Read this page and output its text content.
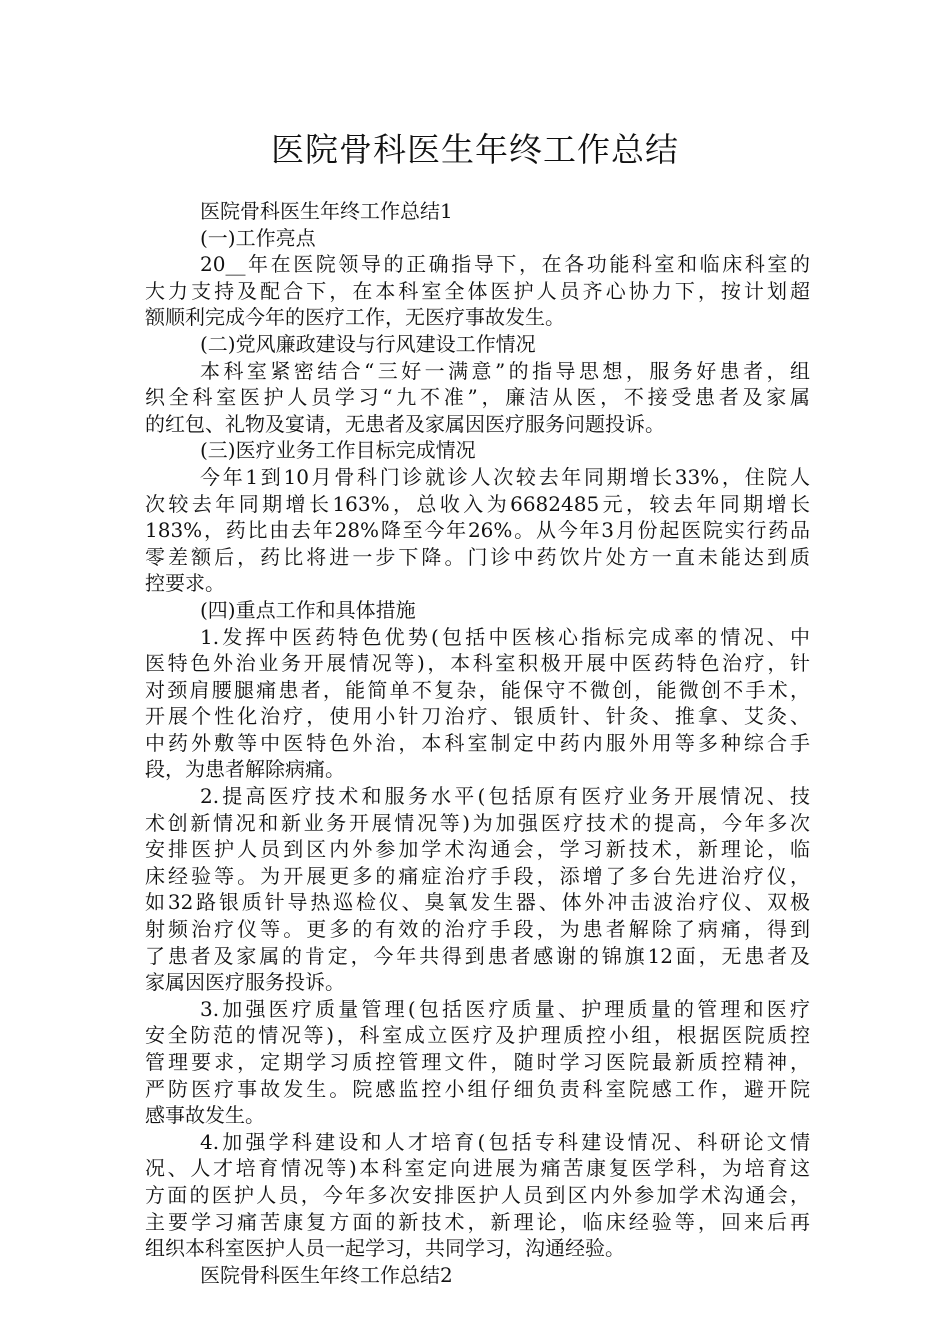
医院骨科医生年终工作总结
医院骨科医生年终工作总结1
(一)工作亮点
20__年在医院领导的正确指导下，在各功能科室和临床科室的
大力支持及配合下，在本科室全体医护人员齐心协力下，按计划超
额顺利完成今年的医疗工作，无医疗事故发生。
(二)党风廉政建设与行风建设工作情况
本科室紧密结合“三好一满意”的指导思想，服务好患者，组
织全科室医护人员学习“九不准”，廉洁从医，不接受患者及家属
的红包、礼物及宴请，无患者及家属因医疗服务问题投诉。
(三)医疗业务工作目标完成情况
今年1到10月骨科门诊就诊人次较去年同期增长33%，住院人
次较去年同期增长163%，总收入为6682485元，较去年同期增长
183%，药比由去年28%降至今年26%。从今年3月份起医院实行药品
零差额后，药比将进一步下降。门诊中药饮片处方一直未能达到质
控要求。
(四)重点工作和具体措施
1.发挥中医药特色优势(包括中医核心指标完成率的情况、中
医特色外治业务开展情况等)，本科室积极开展中医药特色治疗，针
对颈肩腰腿痛患者，能简单不复杂，能保守不微创，能微创不手术，
开展个性化治疗，使用小针刀治疗、银质针、针灸、推拿、艾灸、
中药外敷等中医特色外治，本科室制定中药内服外用等多种综合手
段，为患者解除病痛。
2.提高医疗技术和服务水平(包括原有医疗业务开展情况、技
术创新情况和新业务开展情况等)为加强医疗技术的提高，今年多次
安排医护人员到区内外参加学术沟通会，学习新技术，新理论，临
床经验等。为开展更多的痛症治疗手段，添增了多台先进治疗仪，
如32路银质针导热巡检仪、臭氧发生器、体外冲击波治疗仪、双极
射频治疗仪等。更多的有效的治疗手段，为患者解除了病痛，得到
了患者及家属的肯定，今年共得到患者感谢的锦旗12面，无患者及
家属因医疗服务投诉。
3.加强医疗质量管理(包括医疗质量、护理质量的管理和医疗
安全防范的情况等)，科室成立医疗及护理质控小组，根据医院质控
管理要求，定期学习质控管理文件，随时学习医院最新质控精神，
严防医疗事故发生。院感监控小组仔细负责科室院感工作，避开院
感事故发生。
4.加强学科建设和人才培育(包括专科建设情况、科研论文情
况、人才培育情况等)本科室定向进展为痛苦康复医学科，为培育这
方面的医护人员，今年多次安排医护人员到区内外参加学术沟通会，
主要学习痛苦康复方面的新技术，新理论，临床经验等，回来后再
组织本科室医护人员一起学习，共同学习，沟通经验。
医院骨科医生年终工作总结2
